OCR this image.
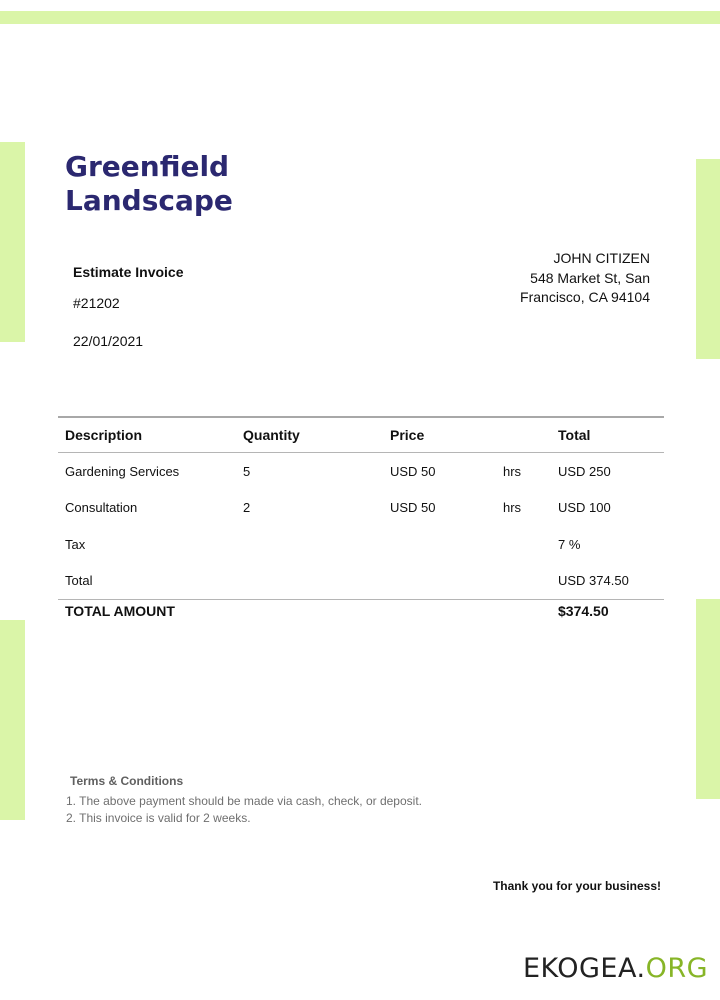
Greenfield
Landscape

Estimate Invoice

#21202

22/01/2021

JOHN CITIZEN
548 Market St, San
Francisco, CA 94104
Description	Quantity	Price		Total
Gardening Services	5	USD 50	hrs	USD 250
Consultation	2	USD 50	hrs	USD 100
Tax				7 %
Total				USD 374.50
TOTAL AMOUNT				$374.50

Terms & Conditions

1. The above payment should be made via cash, check, or deposit.
2. This invoice is valid for 2 weeks.
Thank you for your business!
EKOGEA.ORG
